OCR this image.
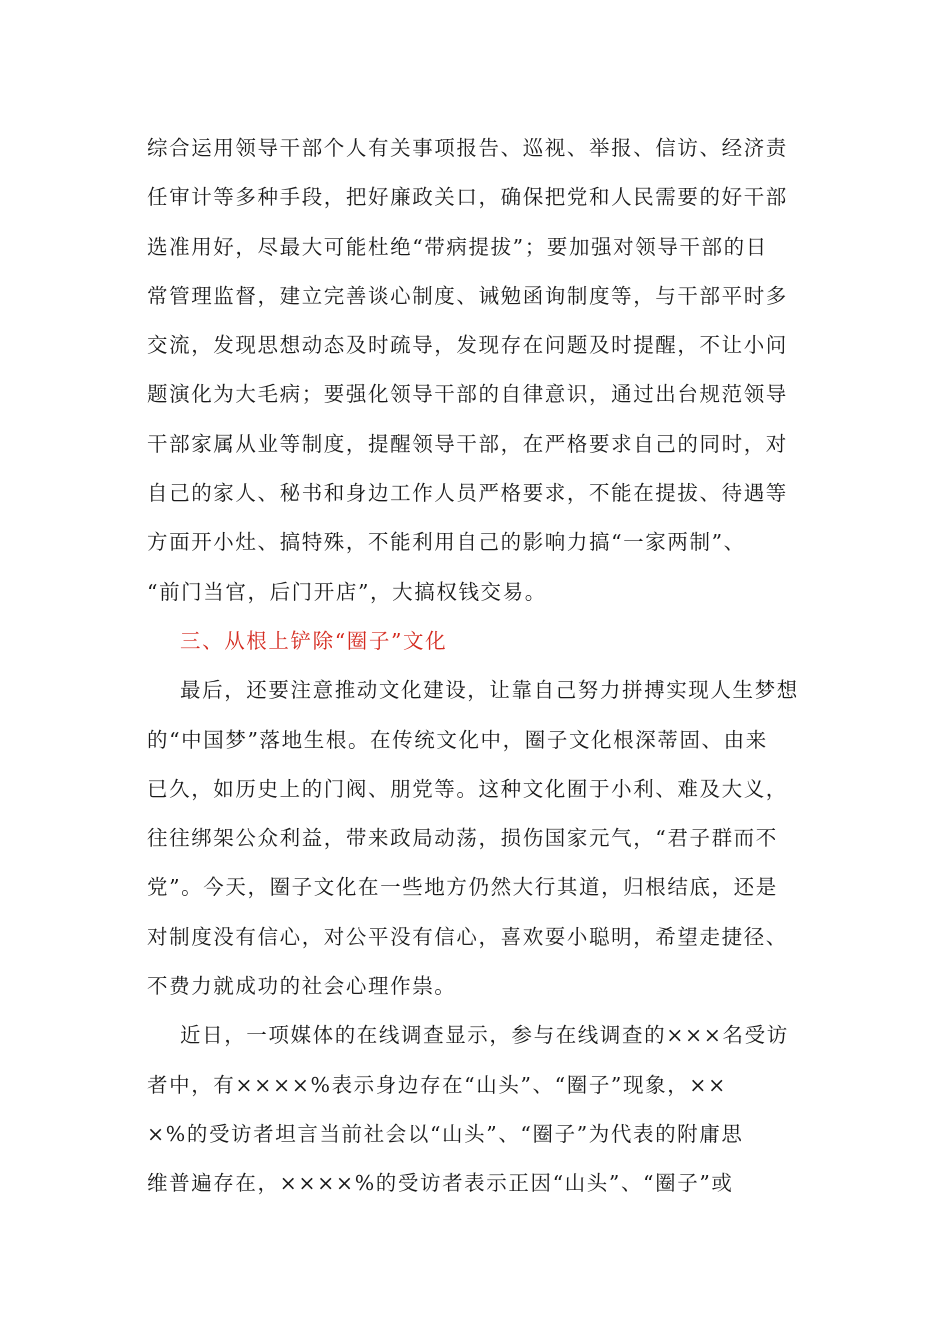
综合运用领导干部个人有关事项报告、巡视、举报、信访、经济责
任审计等多种手段，把好廉政关口，确保把党和人民需要的好干部
选准用好，尽最大可能杜绝“带病提拔”；要加强对领导干部的日
常管理监督，建立完善谈心制度、诫勉函询制度等，与干部平时多
交流，发现思想动态及时疏导，发现存在问题及时提醒，不让小问
题演化为大毛病；要强化领导干部的自律意识，通过出台规范领导
干部家属从业等制度，提醒领导干部，在严格要求自己的同时，对
自己的家人、秘书和身边工作人员严格要求，不能在提拔、待遇等
方面开小灶、搞特殊，不能利用自己的影响力搞“一家两制”、
“前门当官，后门开店”，大搞权钱交易。
三、从根上铲除“圈子”文化
最后，还要注意推动文化建设，让靠自己努力拼搏实现人生梦想
的“中国梦”落地生根。在传统文化中，圈子文化根深蒂固、由来
已久，如历史上的门阀、朋党等。这种文化囿于小利、难及大义，
往往绑架公众利益，带来政局动荡，损伤国家元气，“君子群而不
党”。今天，圈子文化在一些地方仍然大行其道，归根结底，还是
对制度没有信心，对公平没有信心，喜欢耍小聪明，希望走捷径、
不费力就成功的社会心理作祟。
近日，一项媒体的在线调查显示，参与在线调查的×××名受访
者中，有××××%表示身边存在“山头”、“圈子”现象，××
×%的受访者坦言当前社会以“山头”、“圈子”为代表的附庸思
维普遍存在，××××%的受访者表示正因“山头”、“圈子”或
